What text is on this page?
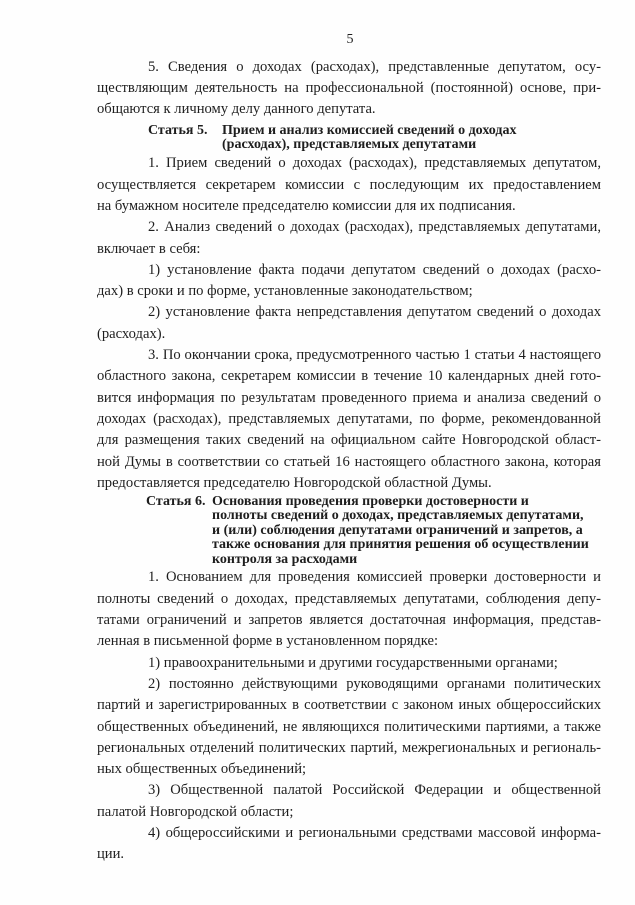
5
5. Сведения о доходах (расходах), представленные депутатом, осу-
ществляющим деятельность на профессиональной (постоянной) основе, при-
общаются к личному делу данного депутата.
Статья 5.	Прием и анализ комиссией сведений о доходах
(расходах), представляемых депутатами
1. Прием сведений о доходах (расходах), представляемых депутатом,
осуществляется секретарем комиссии с последующим их предоставлением
на бумажном носителе председателю комиссии для их подписания.
2. Анализ сведений о доходах (расходах), представляемых депутатами,
включает в себя:
1) установление факта подачи депутатом сведений о доходах (расхо-
дах) в сроки и по форме, установленные законодательством;
2) установление факта непредставления депутатом сведений о доходах
(расходах).
3. По окончании срока, предусмотренного частью 1 статьи 4 настоящего
областного закона, секретарем комиссии в течение 10 календарных дней гото-
вится информация по результатам проведенного приема и анализа сведений о
доходах (расходах), представляемых депутатами, по форме, рекомендованной
для размещения таких сведений на официальном сайте Новгородской област-
ной Думы в соответствии со статьей 16 настоящего областного закона, которая
предоставляется председателю Новгородской областной Думы.
Статья 6. Основания проведения проверки достоверности и
полноты сведений о доходах, представляемых депутатами,
и (или) соблюдения депутатами ограничений и запретов, а
также основания для принятия решения об осуществлении
контроля за расходами
1. Основанием для проведения комиссией проверки достоверности и
полноты сведений о доходах, представляемых депутатами, соблюдения депу-
татами ограничений и запретов является достаточная информация, представ-
ленная в письменной форме в установленном порядке:
1) правоохранительными и другими государственными органами;
2) постоянно действующими руководящими органами политических
партий и зарегистрированных в соответствии с законом иных общероссийских
общественных объединений, не являющихся политическими партиями, а также
региональных отделений политических партий, межрегиональных и региональ-
ных общественных объединений;
3) Общественной палатой Российской Федерации и общественной
палатой Новгородской области;
4) общероссийскими и региональными средствами массовой информа-
ции.
